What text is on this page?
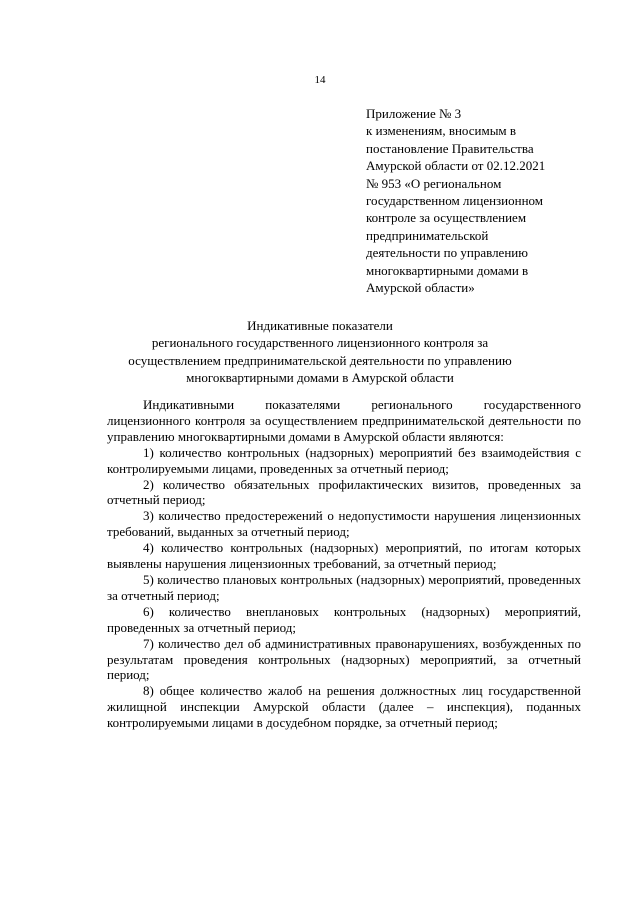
14
Приложение № 3
к изменениям, вносимым в
постановление Правительства
Амурской области от 02.12.2021
№ 953 «О региональном
государственном лицензионном
контроле за осуществлением
предпринимательской
деятельности по управлению
многоквартирными домами в
Амурской области»
Индикативные показатели
регионального государственного лицензионного контроля за
осуществлением предпринимательской деятельности по управлению
многоквартирными домами в Амурской области

Индикативными показателями регионального государственного лицензионного контроля за осуществлением предпринимательской деятельности по управлению многоквартирными домами в Амурской области являются:

1) количество контрольных (надзорных) мероприятий без взаимодействия с контролируемыми лицами, проведенных за отчетный период;

2) количество обязательных профилактических визитов, проведенных за отчетный период;

3) количество предостережений о недопустимости нарушения лицензионных требований, выданных за отчетный период;

4) количество контрольных (надзорных) мероприятий, по итогам которых выявлены нарушения лицензионных требований, за отчетный период;

5) количество плановых контрольных (надзорных) мероприятий, проведенных за отчетный период;

6) количество внеплановых контрольных (надзорных) мероприятий, проведенных за отчетный период;

7) количество дел об административных правонарушениях, возбужденных по результатам проведения контрольных (надзорных) мероприятий, за отчетный период;

8) общее количество жалоб на решения должностных лиц государственной жилищной инспекции Амурской области (далее – инспекция), поданных контролируемыми лицами в досудебном порядке, за отчетный период;
